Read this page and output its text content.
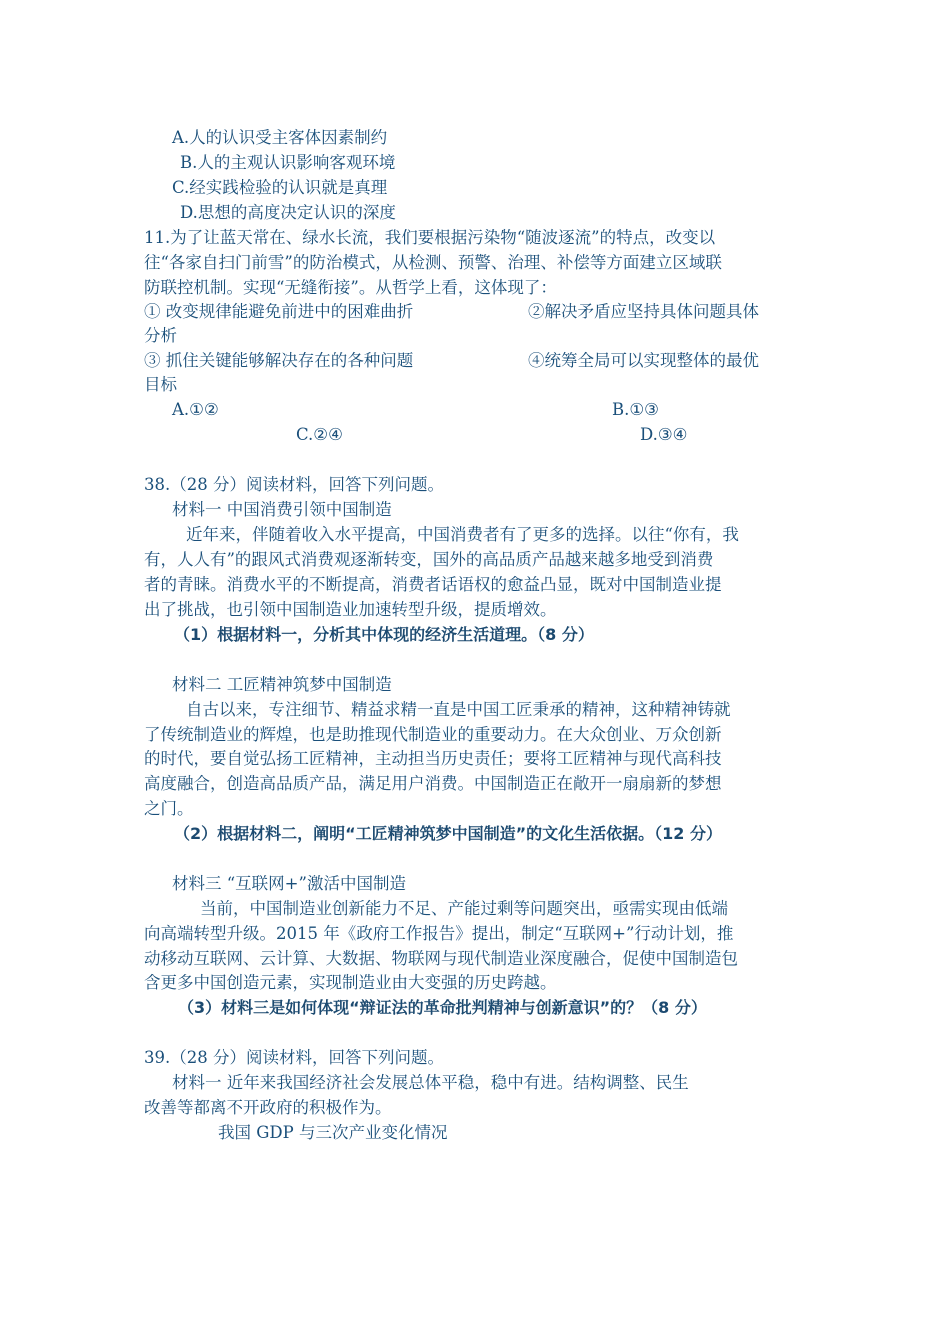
A.人的认识受主客体因素制约
B.人的主观认识影响客观环境
C.经实践检验的认识就是真理
D.思想的高度决定认识的深度
11.为了让蓝天常在、绿水长流，我们要根据污染物“随波逐流”的特点，改变以
往“各家自扫门前雪”的防治模式，从检测、预警、治理、补偿等方面建立区域联
防联控机制。实现“无缝衔接”。从哲学上看，这体现了：
① 改变规律能避免前进中的困难曲折	②解决矛盾应坚持具体问题具体
分析
③ 抓住关键能够解决存在的各种问题	④统筹全局可以实现整体的最优
目标
A.①②	B.①③
C.②④	D.③④
38.（28 分）阅读材料，回答下列问题。
材料一 中国消费引领中国制造
近年来，伴随着收入水平提高，中国消费者有了更多的选择。以往“你有，我
有，人人有”的跟风式消费观逐渐转变，国外的高品质产品越来越多地受到消费
者的青睐。消费水平的不断提高，消费者话语权的愈益凸显，既对中国制造业提
出了挑战，也引领中国制造业加速转型升级，提质增效。
（1）根据材料一，分析其中体现的经济生活道理。（8 分）
材料二 工匠精神筑梦中国制造
自古以来，专注细节、精益求精一直是中国工匠秉承的精神，这种精神铸就
了传统制造业的辉煌，也是助推现代制造业的重要动力。在大众创业、万众创新
的时代，要自觉弘扬工匠精神，主动担当历史责任；要将工匠精神与现代高科技
高度融合，创造高品质产品，满足用户消费。中国制造正在敞开一扇扇新的梦想
之门。
（2）根据材料二，阐明“工匠精神筑梦中国制造”的文化生活依据。（12 分）
材料三 “互联网+”激活中国制造
当前，中国制造业创新能力不足、产能过剩等问题突出，亟需实现由低端
向高端转型升级。2015 年《政府工作报告》提出，制定“互联网+”行动计划，推
动移动互联网、云计算、大数据、物联网与现代制造业深度融合，促使中国制造包
含更多中国创造元素，实现制造业由大变强的历史跨越。
（3）材料三是如何体现“辩证法的革命批判精神与创新意识”的？（8 分）
39.（28 分）阅读材料，回答下列问题。
材料一 近年来我国经济社会发展总体平稳，稳中有进。结构调整、民生
改善等都离不开政府的积极作为。
我国 GDP 与三次产业变化情况
